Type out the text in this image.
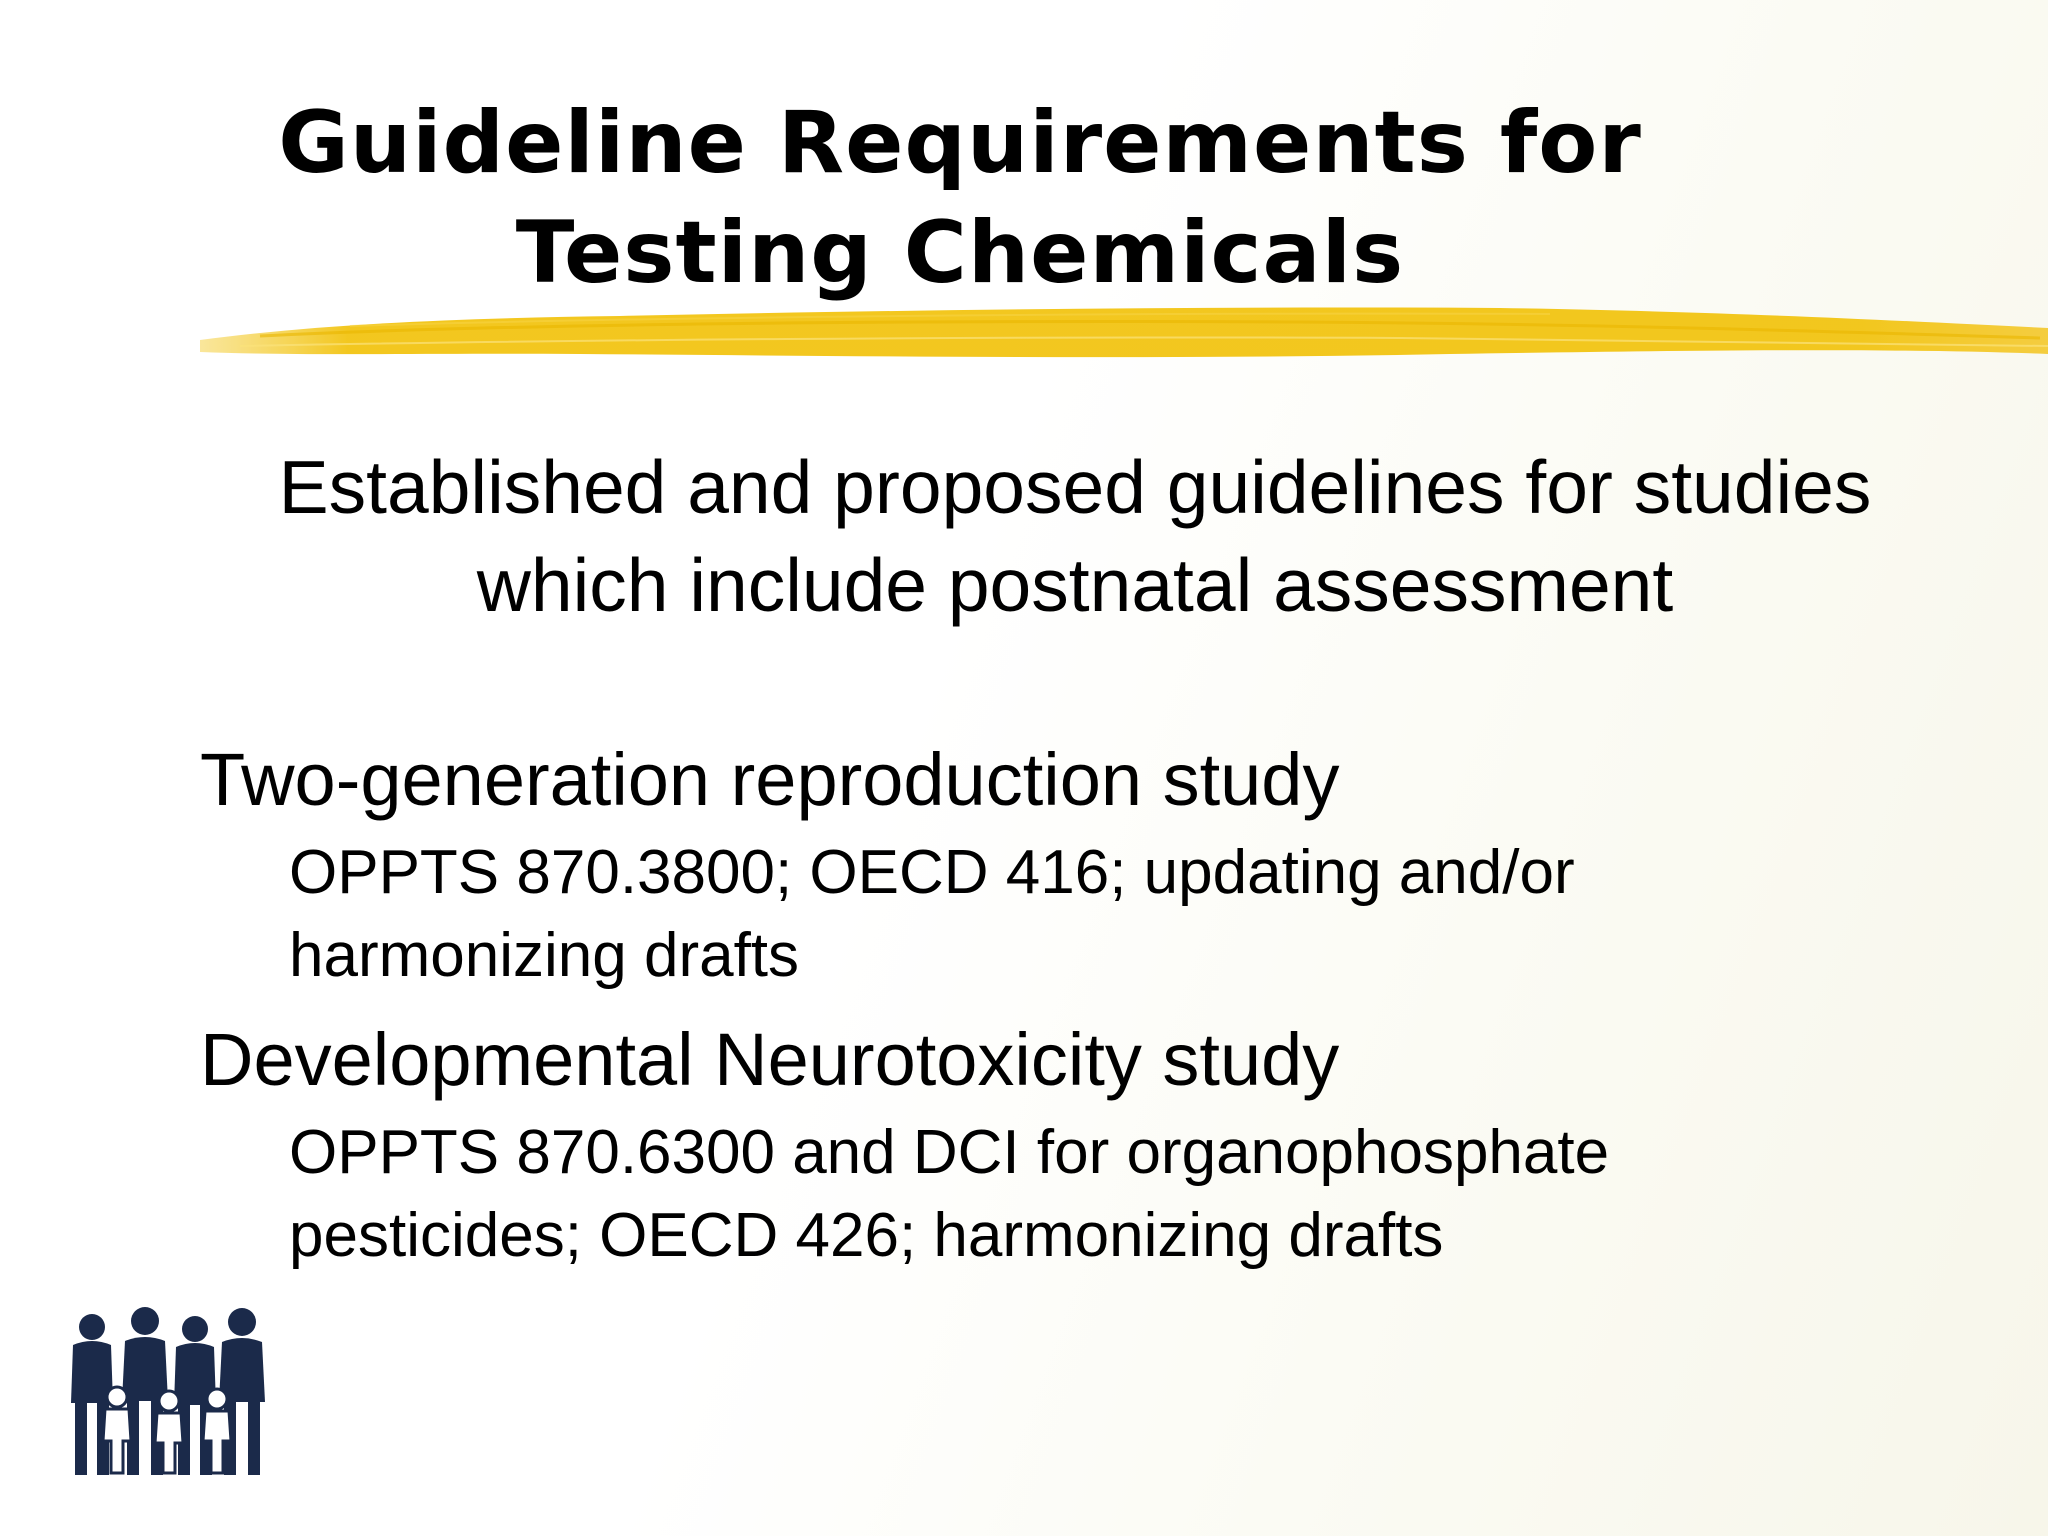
Guideline Requirements for
Testing Chemicals
Established and proposed guidelines for studies
which include postnatal assessment

Two-generation reproduction study

OPPTS 870.3800; OECD 416; updating and/or
harmonizing drafts

Developmental Neurotoxicity study

OPPTS 870.6300 and DCI for organophosphate
pesticides; OECD 426; harmonizing drafts
